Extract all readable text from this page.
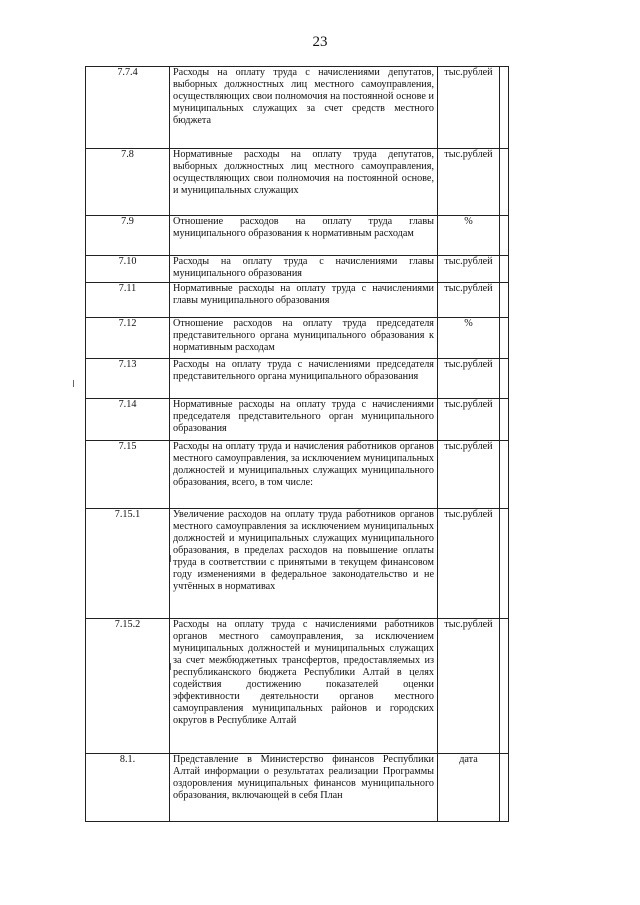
23
7.7.4	Расходы на оплату труда с начислениями депутатов, выборных должностных лиц местного самоуправления, осуществляющих свои полномочия на постоянной основе и муниципальных служащих за счет средств местного бюджета	тыс.рублей	
7.8	Нормативные расходы на оплату труда депутатов, выборных должностных лиц местного самоуправления, осуществляющих свои полномочия на постоянной основе, и муниципальных служащих	тыс.рублей	
7.9	Отношение расходов на оплату труда главы муниципального образования к нормативным расходам	%	
7.10	Расходы на оплату труда с начислениями главы муниципального образования	тыс.рублей	
7.11	Нормативные расходы на оплату труда с начислениями главы муниципального образования	тыс.рублей	
7.12	Отношение расходов на оплату труда председателя представительного органа муниципального образования к нормативным расходам	%	
7.13	Расходы на оплату труда с начислениями председателя представительного органа муниципального образования	тыс.рублей	
7.14	Нормативные расходы на оплату труда с начислениями председателя представительного орган муниципального образования	тыс.рублей	
7.15	Расходы на оплату труда и начисления работников органов местного самоуправления, за исключением муниципальных должностей и муниципальных служащих муниципального образования, всего, в том числе:	тыс.рублей	
7.15.1	Увеличение расходов на оплату труда работников органов местного самоуправления за исключением муниципальных должностей и муниципальных служащих муниципального образования, в пределах расходов на повышение оплаты труда в соответствии с принятыми в текущем финансовом году изменениями в федеральное законодательство и не учтённых в нормативах	тыс.рублей	
7.15.2	Расходы на оплату труда с начислениями работников органов местного самоуправления, за исключением муниципальных должностей и муниципальных служащих за счет межбюджетных трансфертов, предоставляемых из республиканского бюджета Республики Алтай в целях содействия достижению показателей оценки эффективности деятельности органов местного самоуправления муниципальных районов и городских округов в Республике Алтай	тыс.рублей	
8.1.	Представление в Министерство финансов Республики Алтай информации о результатах реализации Программы оздоровления муниципальных финансов муниципального образования, включающей в себя План	дата	
